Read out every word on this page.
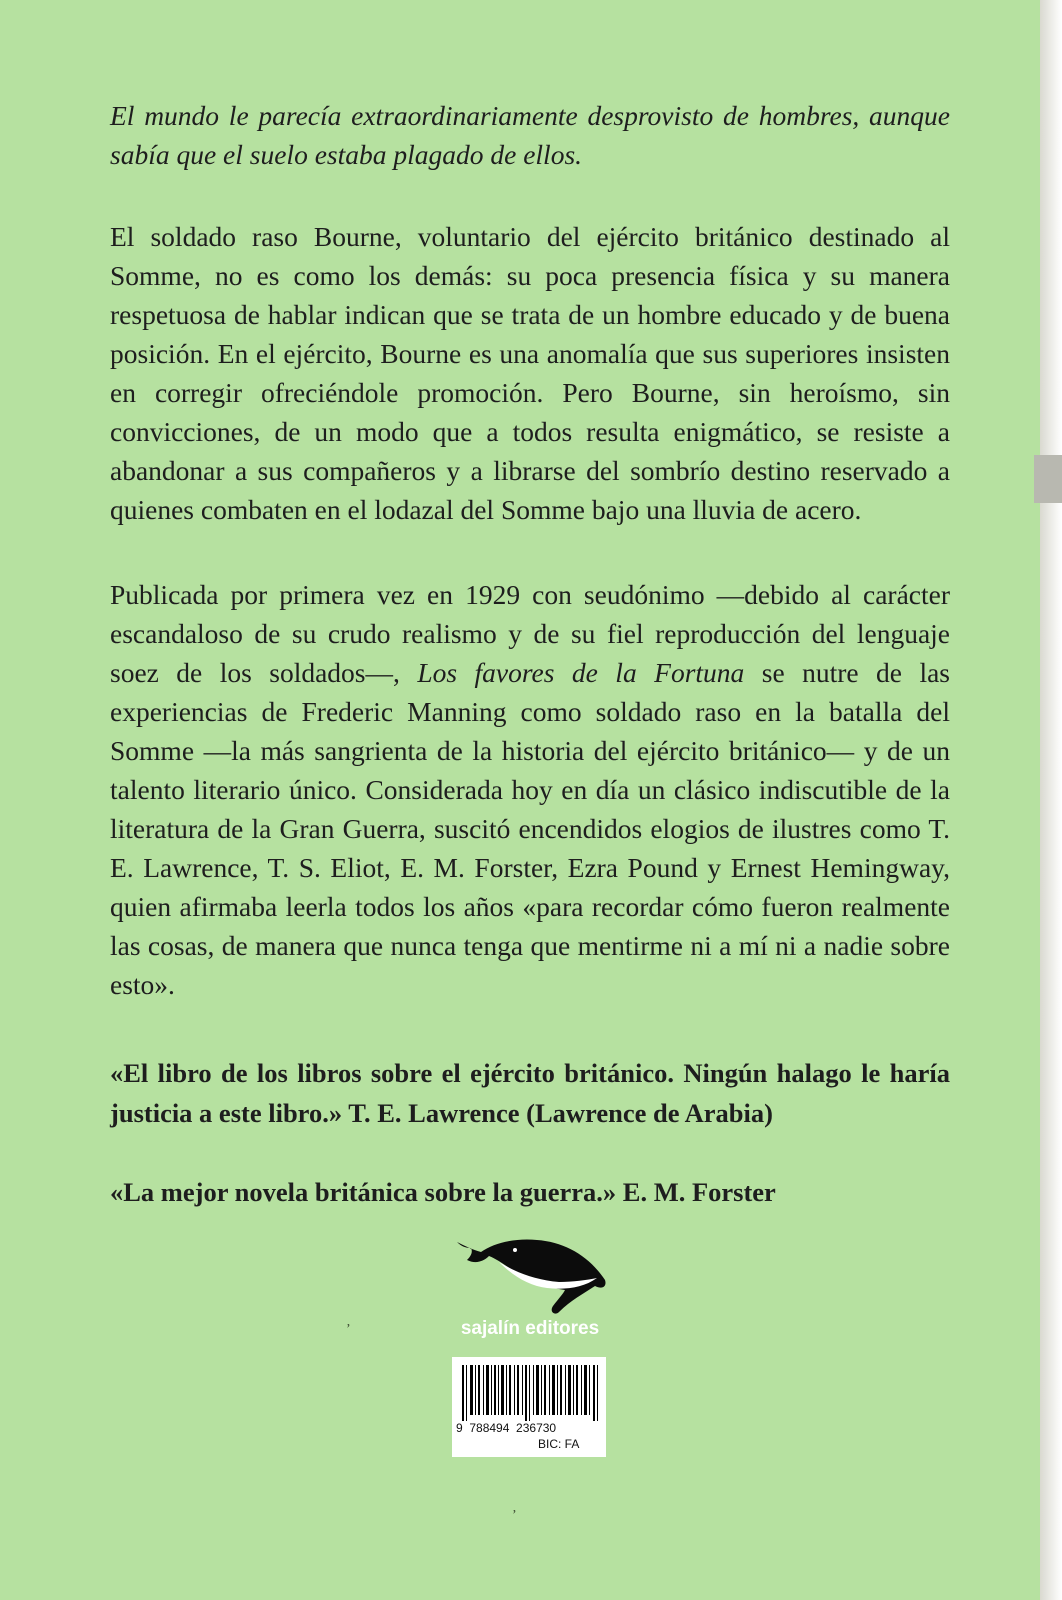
El mundo le parecía extraordinariamente desprovisto de hombres, aunque sabía que el suelo estaba plagado de ellos.

El soldado raso Bourne, voluntario del ejército británico destinado al Somme, no es como los demás: su poca presencia física y su manera respetuosa de hablar indican que se trata de un hombre educado y de buena posición. En el ejército, Bourne es una anomalía que sus superiores insisten en corregir ofreciéndole promoción. Pero Bourne, sin heroísmo, sin convicciones, de un modo que a todos resulta enigmático, se resiste a abandonar a sus compañeros y a librarse del sombrío destino reservado a quienes combaten en el lodazal del Somme bajo una lluvia de acero.

Publicada por primera vez en 1929 con seudónimo —debido al carácter escandaloso de su crudo realismo y de su fiel reproducción del lenguaje soez de los soldados—, Los favores de la Fortuna se nutre de las experiencias de Frederic Manning como soldado raso en la batalla del Somme —la más sangrienta de la historia del ejército británico— y de un talento literario único. Considerada hoy en día un clásico indiscutible de la literatura de la Gran Guerra, suscitó encendidos elogios de ilustres como T. E. Lawrence, T. S. Eliot, E. M. Forster, Ezra Pound y Ernest Hemingway, quien afirmaba leerla todos los años «para recordar cómo fueron realmente las cosas, de manera que nunca tenga que mentirme ni a mí ni a nadie sobre esto».

«El libro de los libros sobre el ejército británico. Ningún halago le haría justicia a este libro.» T. E. Lawrence (Lawrence de Arabia)

«La mejor novela británica sobre la guerra.» E. M. Forster

sajalín editores
9  788494  236730
BIC: FA
ʼ
ʼ
